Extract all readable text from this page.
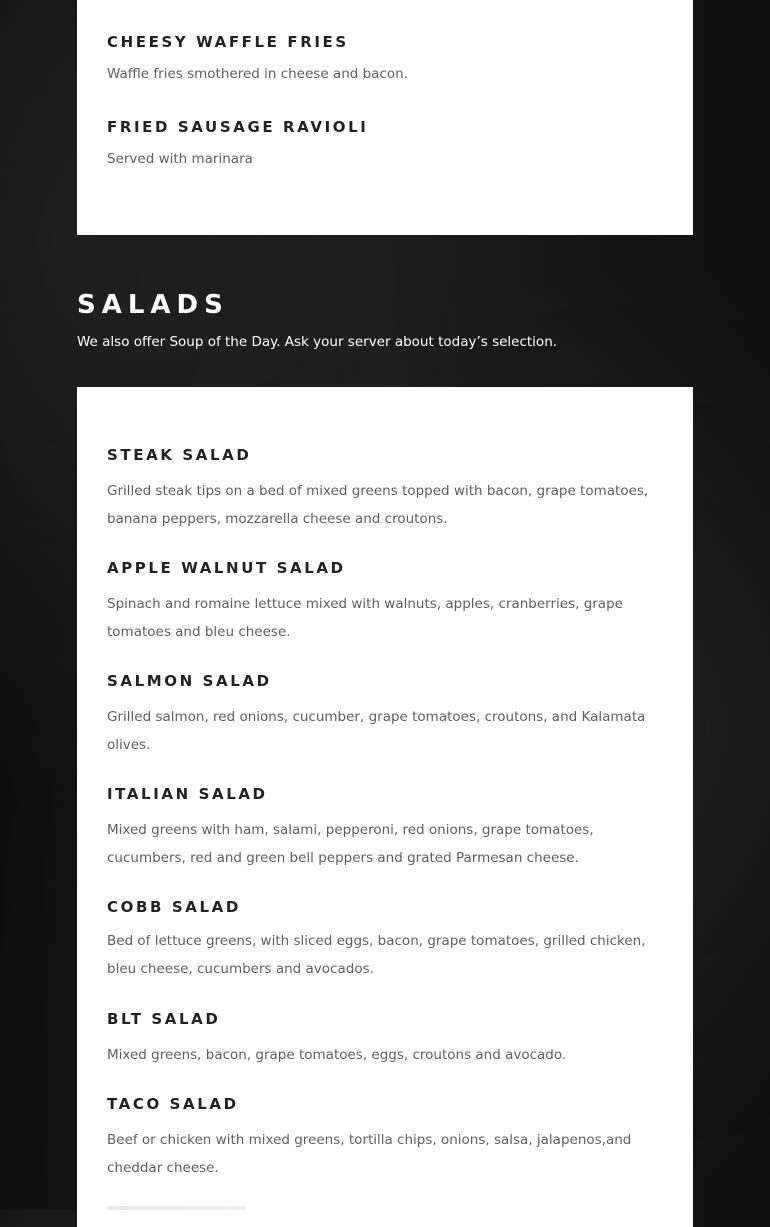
CHEESY WAFFLE FRIES

Waffle fries smothered in cheese and bacon.

FRIED SAUSAGE RAVIOLI

Served with marinara

SALADS

We also offer Soup of the Day. Ask your server about today’s selection.

STEAK SALAD

Grilled steak tips on a bed of mixed greens topped with bacon, grape tomatoes, banana peppers, mozzarella cheese and croutons.

APPLE WALNUT SALAD

Spinach and romaine lettuce mixed with walnuts, apples, cranberries, grape tomatoes and bleu cheese.

SALMON SALAD

Grilled salmon, red onions, cucumber, grape tomatoes, croutons, and Kalamata olives.

ITALIAN SALAD

Mixed greens with ham, salami, pepperoni, red onions, grape tomatoes, cucumbers, red and green bell peppers and grated Parmesan cheese.

COBB SALAD

Bed of lettuce greens, with sliced eggs, bacon, grape tomatoes, grilled chicken, bleu cheese, cucumbers and avocados.

BLT SALAD

Mixed greens, bacon, grape tomatoes, eggs, croutons and avocado.

TACO SALAD

Beef or chicken with mixed greens, tortilla chips, onions, salsa, jalapenos,and cheddar cheese.
